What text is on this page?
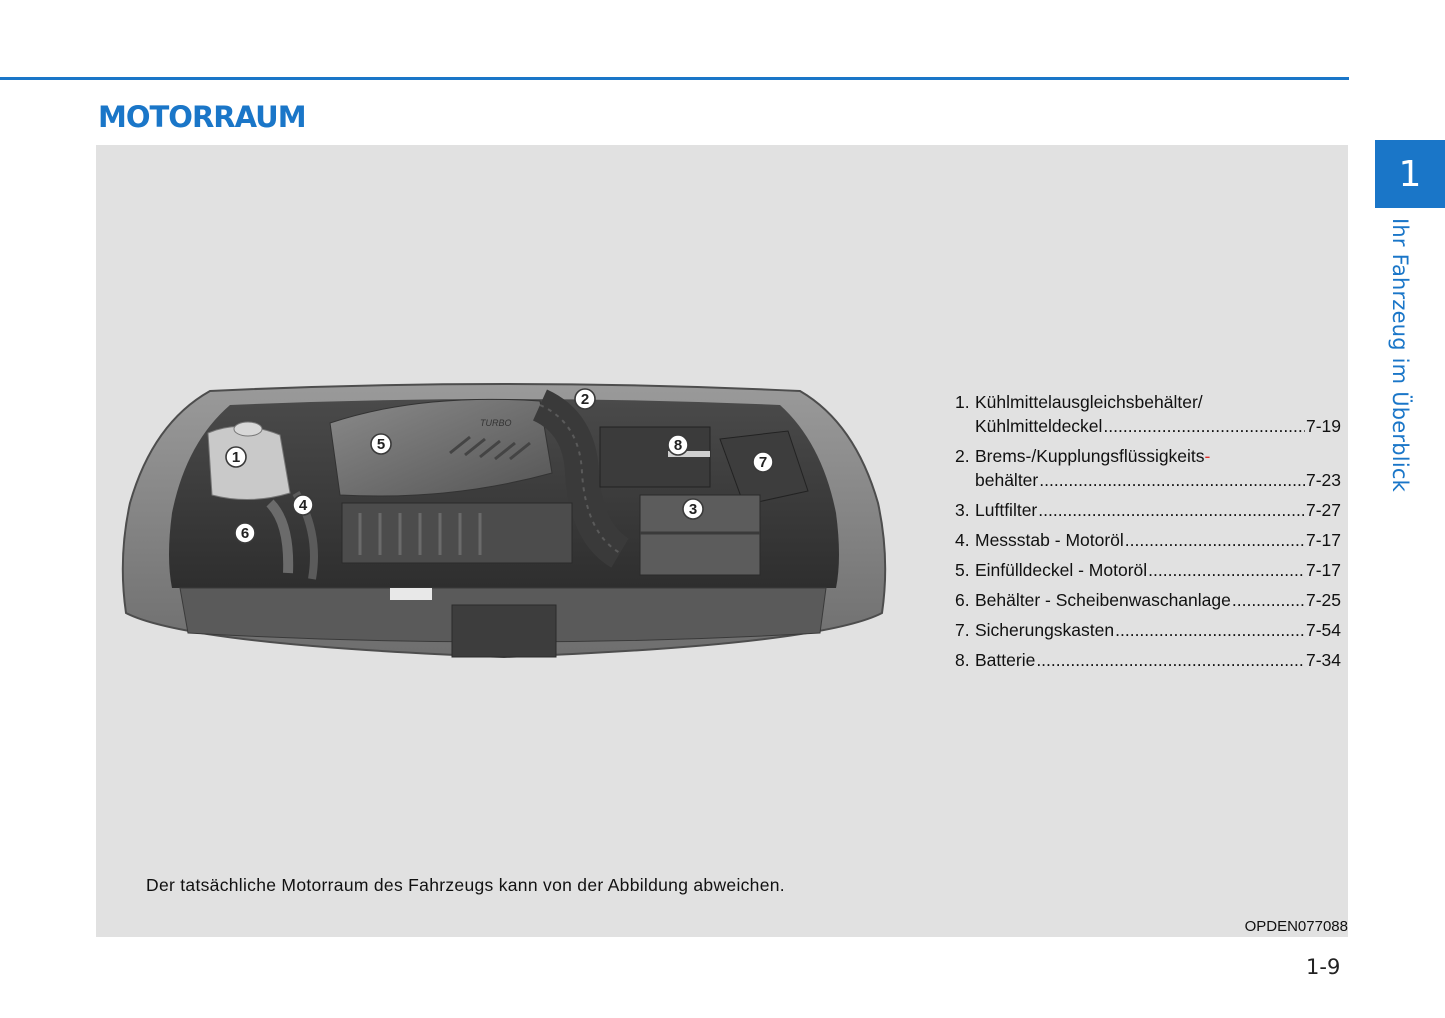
MOTORRAUM
1
Ihr Fahrzeug im Überblick
TURBO
1
2
3
4
5
6
7
8
1. Kühlmittelausgleichsbehälter/
Kühlmitteldeckel .....	7-19
2. Brems-/Kupplungsflüssigkeits -
behälter .....	7-23
3. Luftfilter .....	7-27
4. Messstab - Motoröl .....	7-17
5. Einfülldeckel - Motoröl .....	7-17
6. Behälter - Scheibenwaschanlage .....	7-25
7. Sicherungskasten .....	7-54
8. Batterie .....	7-34
Der tatsächliche Motorraum des Fahrzeugs kann von der Abbildung abweichen.
OPDEN077088
1-9
